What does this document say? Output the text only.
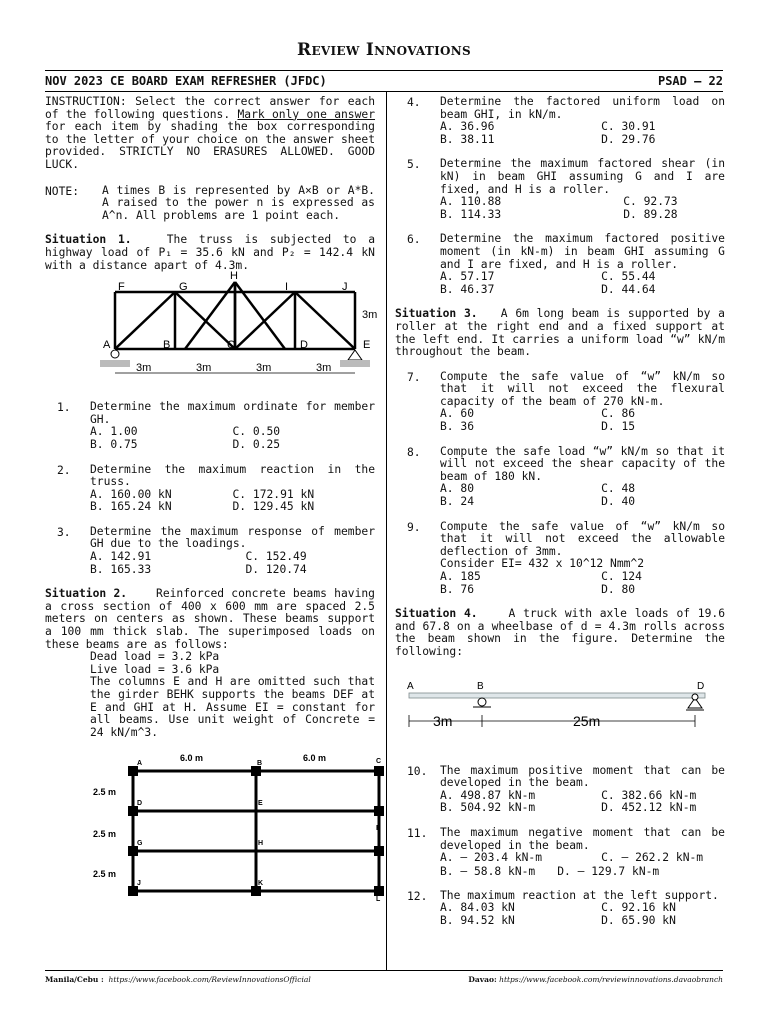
Review Innovations
NOV 2023 CE BOARD EXAM REFRESHER (JFDC)	PSAD – 22

INSTRUCTION: Select the correct answer for each of the following questions. Mark only one answer for each item by shading the box corresponding to the letter of your choice on the answer sheet provided. STRICTLY NO ERASURES ALLOWED. GOOD LUCK.

NOTE:	A times B is represented by A×B or A*B. A raised to the power n is expressed as A^n. All problems are 1 point each.

Situation 1.	The truss is subjected to a highway load of P₁ = 35.6 kN and P₂ = 142.4 kN with a distance apart of 4.3m.

F	G
H
I	J
A	B	C	D	E
3m
3m	3m	3m	3m
1.	Determine the maximum ordinate for member GH.

A. 1.00	C. 0.50
B. 0.75	D. 0.25
2.	Determine the maximum reaction in the truss.

A. 160.00 kN	C. 172.91 kN
B. 165.24 kN	D. 129.45 kN
3.	Determine the maximum response of member GH due to the loadings.

A. 142.91	C. 152.49
B. 165.33	D. 120.74

Situation 2.	Reinforced concrete beams having a cross section of 400 x 600 mm are spaced 2.5 meters on centers as shown. These beams support a 100 mm thick slab. The superimposed loads on these beams are as follows:

Dead load = 3.2 kPa

Live load = 3.6 kPa

The columns E and H are omitted such that the girder BEHK supports the beams DEF at E and GHI at H. Assume EI = constant for all beams. Use unit weight of Concrete = 24 kN/m^3.

6.0 m	6.0 m
2.5 m
2.5 m
2.5 m
A	B	C
D	E
F
G	H
I
J	K
L
4.	Determine the factored uniform load on beam GHI, in kN/m.

A. 36.96	C. 30.91
B. 38.11	D. 29.76
5.	Determine the maximum factored shear (in kN) in beam GHI assuming G and I are fixed, and H is a roller.

A. 110.88	C. 92.73
B. 114.33	D. 89.28
6.	Determine the maximum factored positive moment (in kN-m) in beam GHI assuming G and I are fixed, and H is a roller.

A. 57.17	C. 55.44
B. 46.37	D. 44.64

Situation 3. A 6m long beam is supported by a roller at the right end and a fixed support at the left end. It carries a uniform load “w” kN/m throughout the beam.

7.	Compute the safe value of “w” kN/m so that it will not exceed the flexural capacity of the beam of 270 kN-m.

A. 60	C. 86
B. 36	D. 15
8.	Compute the safe load “w” kN/m so that it will not exceed the shear capacity of the beam of 180 kN.

A. 80	C. 48
B. 24	D. 40
9.	Compute the safe value of “w” kN/m so that it will not exceed the allowable deflection of 3mm.

Consider EI= 432 x 10^12 Nmm^2

A. 185	C. 124
B. 76	D. 80

Situation 4.	A truck with axle loads of 19.6 and 67.8 on a wheelbase of d = 4.3m rolls across the beam shown in the figure. Determine the following:

A	B	D
3m	25m
10.	The maximum positive moment that can be developed in the beam.

A. 498.87 kN-m	C. 382.66 kN-m
B. 504.92 kN-m	D. 452.12 kN-m
11.	The maximum negative moment that can be developed in the beam.

A. – 203.4 kN-m	C. – 262.2 kN-m
B. – 58.8 kN-m D. – 129.7 kN-m
12.	The maximum reaction at the left support.

A. 84.03 kN	C. 92.16 kN
B. 94.52 kN	D. 65.90 kN
Manila/Cebu : https://www.facebook.com/ReviewInnovationsOfficial	Davao: https://www.facebook.com/reviewinnovations.davaobranch
